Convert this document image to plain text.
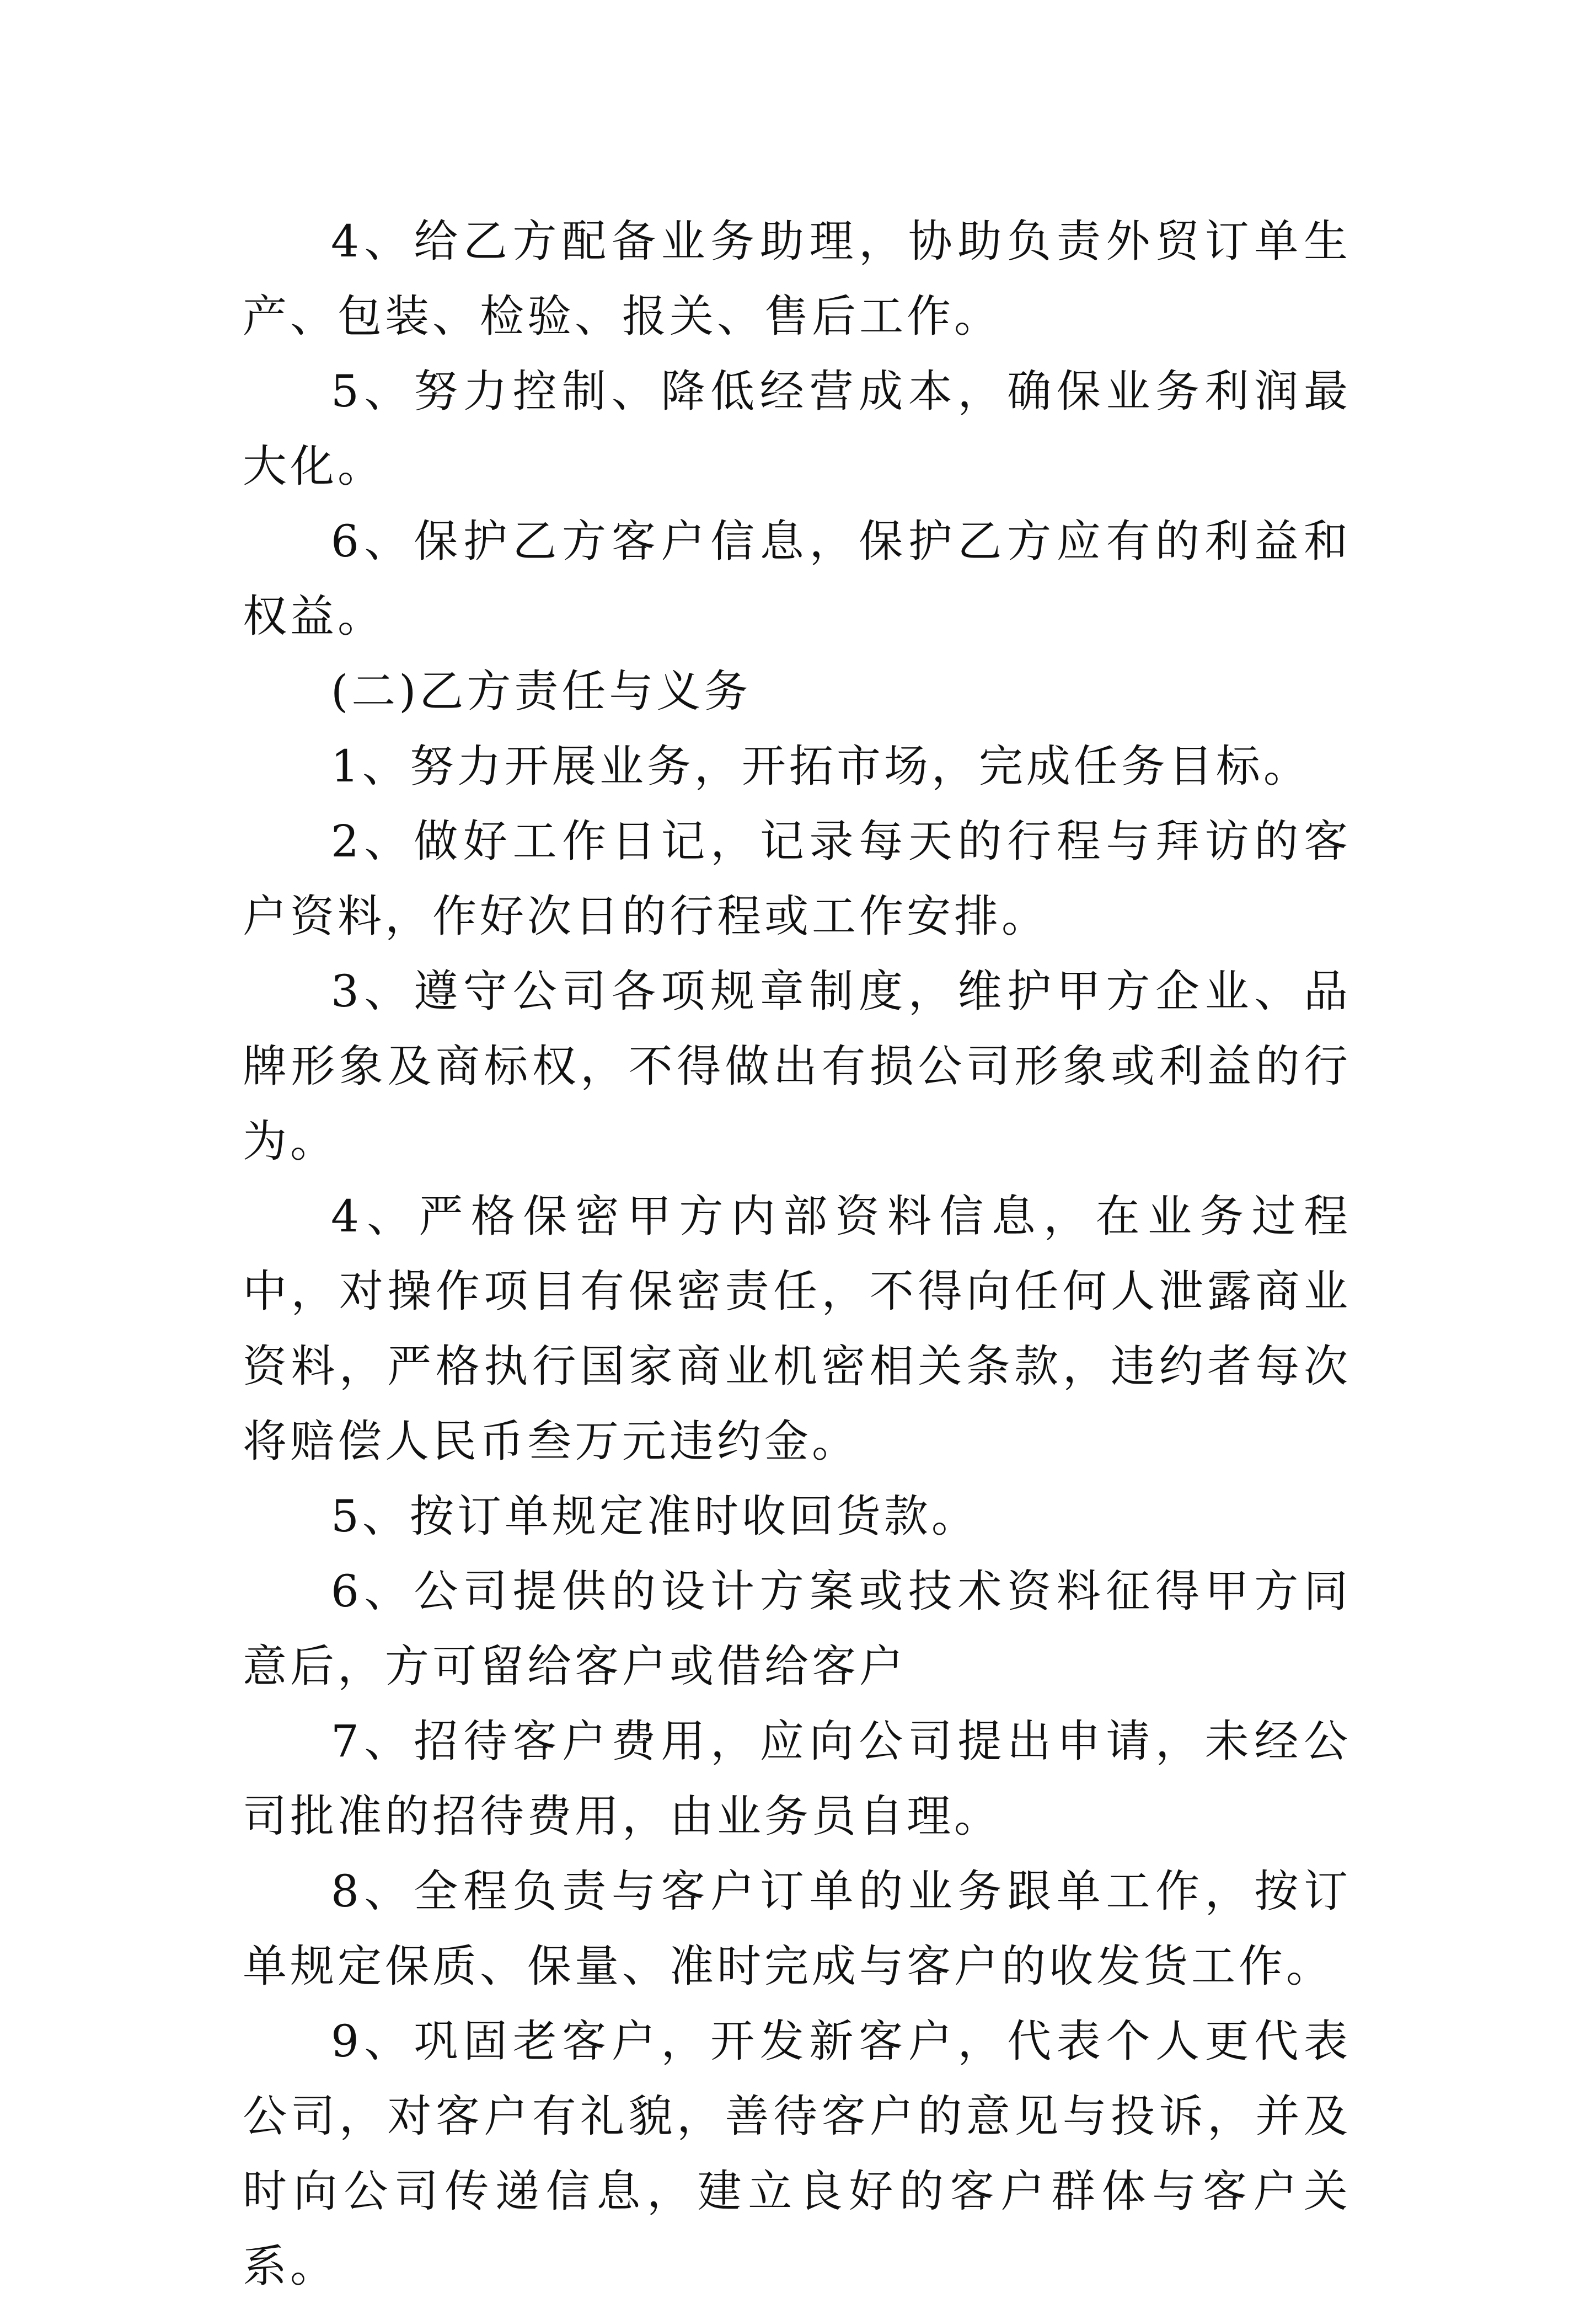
4、给乙方配备业务助理，协助负责外贸订单生产、包装、检验、报关、售后工作。

5、努力控制、降低经营成本，确保业务利润最大化。

6、保护乙方客户信息，保护乙方应有的利益和权益。

(二)乙方责任与义务

1、努力开展业务，开拓市场，完成任务目标。

2、做好工作日记，记录每天的行程与拜访的客户资料，作好次日的行程或工作安排。

3、遵守公司各项规章制度，维护甲方企业、品牌形象及商标权，不得做出有损公司形象或利益的行为。

4、严格保密甲方内部资料信息，在业务过程中，对操作项目有保密责任，不得向任何人泄露商业资料，严格执行国家商业机密相关条款，违约者每次将赔偿人民币叁万元违约金。

5、按订单规定准时收回货款。

6、公司提供的设计方案或技术资料征得甲方同意后，方可留给客户或借给客户

7、招待客户费用，应向公司提出申请，未经公司批准的招待费用，由业务员自理。

8、全程负责与客户订单的业务跟单工作，按订单规定保质、保量、准时完成与客户的收发货工作。

9、巩固老客户，开发新客户，代表个人更代表公司，对客户有礼貌，善待客户的意见与投诉，并及时向公司传递信息，建立良好的客户群体与客户关系。
